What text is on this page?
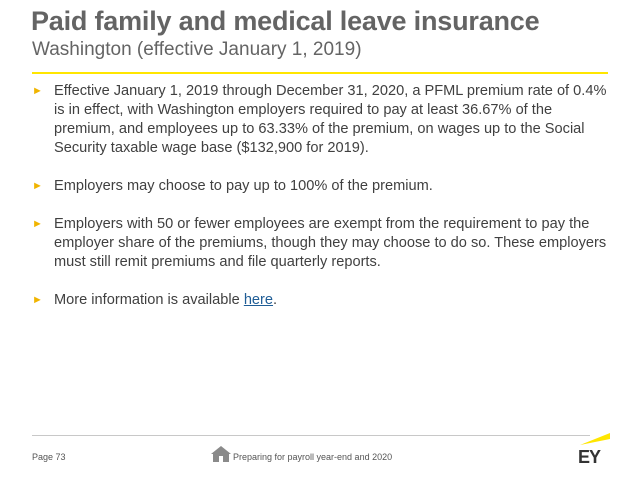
Paid family and medical leave insurance
Washington (effective January 1, 2019)
► Effective January 1, 2019 through December 31, 2020, a PFML premium rate of 0.4% is in effect, with Washington employers required to pay at least 36.67% of the premium, and employees up to 63.33% of the premium, on wages up to the Social Security taxable wage base ($132,900 for 2019).
► Employers may choose to pay up to 100% of the premium.
► Employers with 50 or fewer employees are exempt from the requirement to pay the employer share of the premiums, though they may choose to do so. These employers must still remit premiums and file quarterly reports.
► More information is available here.
Page 73	Preparing for payroll year-end and 2020	EY
